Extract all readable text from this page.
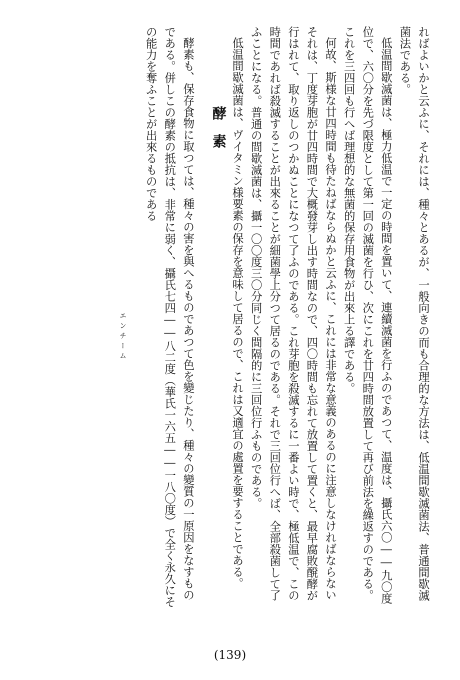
ればよいかと云ふに、それには、種々とあるが、一般向きの而も合理的な方法は、低温間歇滅菌法、普通間歇滅
菌法である。
低温間歇滅菌は、極力低温で一定の時間を置いて、連續滅菌を行ふのであつて、温度は、攝氏六〇――九〇度
位で、六〇分を先づ限度として第一回の滅菌を行ひ、次にこれを廿四時間放置して再び前法を繰返すのである。
これを三四回も行へば理想的な無菌的保存用食物が出來上る譯である。
何故、斯様な廿四時間も待たねばならぬかと云ふに、これには非常な意義のあるのに注意しなければならない
それは、丁度芽胞が廿四時間で大概發芽し出す時間なので、四〇時間も忘れて放置して置くと、最早腐敗醗酵が
行はれて、取り返しのつかぬことになつて了ふのである。これ芽胞を殺滅するに一番よい時で、極低温で、この
時間であれば殺滅することが出來ることが細菌學上分つて居るのである。それで三回位行へば、全部殺菌して了
ふことになる。普通の間歇滅菌は、攝一〇〇度三〇分同じく間隔的に三回位行ふものである。
低温間歇滅菌は、ヴイタミン様要素の保存を意味して居るので、これは又適宜の處置を要することである。
酵素
酵素も、保存食物に取つては、種々の害を與へるものであつて色を變じたり、種々の變質の一原因をなすもの
である。併しこの酵素の抵抗は、非常に弱く、攝氏七四――八二度（華氏一六五――一八〇度）で全く永久にそ
の能力を奪ふことが出來るものである
エンチーム
(139)
